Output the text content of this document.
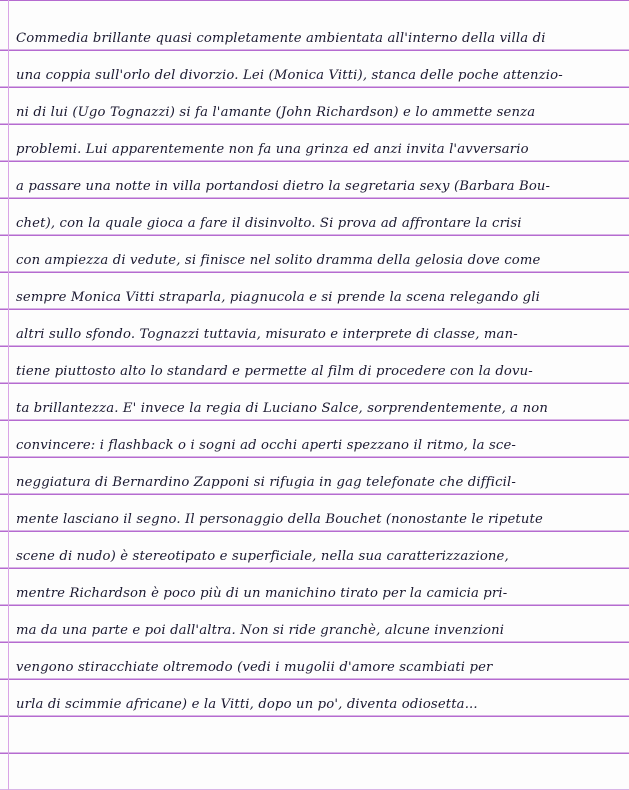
Commedia brillante quasi completamente ambientata all'interno della villa di
una coppia sull'orlo del divorzio. Lei (Monica Vitti), stanca delle poche attenzio-
ni di lui (Ugo Tognazzi) si fa l'amante (John Richardson) e lo ammette senza
problemi. Lui apparentemente non fa una grinza ed anzi invita l'avversario
a passare una notte in villa portandosi dietro la segretaria sexy (Barbara Bou-
chet), con la quale gioca a fare il disinvolto. Si prova ad affrontare la crisi
con ampiezza di vedute, si finisce nel solito dramma della gelosia dove come
sempre Monica Vitti straparla, piagnucola e si prende la scena relegando gli
altri sullo sfondo. Tognazzi tuttavia, misurato e interprete di classe, man-
tiene piuttosto alto lo standard e permette al film di procedere con la dovu-
ta brillantezza. E' invece la regia di Luciano Salce, sorprendentemente, a non
convincere: i flashback o i sogni ad occhi aperti spezzano il ritmo, la sce-
neggiatura di Bernardino Zapponi si rifugia in gag telefonate che difficil-
mente lasciano il segno. Il personaggio della Bouchet (nonostante le ripetute
scene di nudo) è stereotipato e superficiale, nella sua caratterizzazione,
mentre Richardson è poco più di un manichino tirato per la camicia pri-
ma da una parte e poi dall'altra. Non si ride granchè, alcune invenzioni
vengono stiracchiate oltremodo (vedi i mugolii d'amore scambiati per
urla di scimmie africane) e la Vitti, dopo un po', diventa odiosetta...
